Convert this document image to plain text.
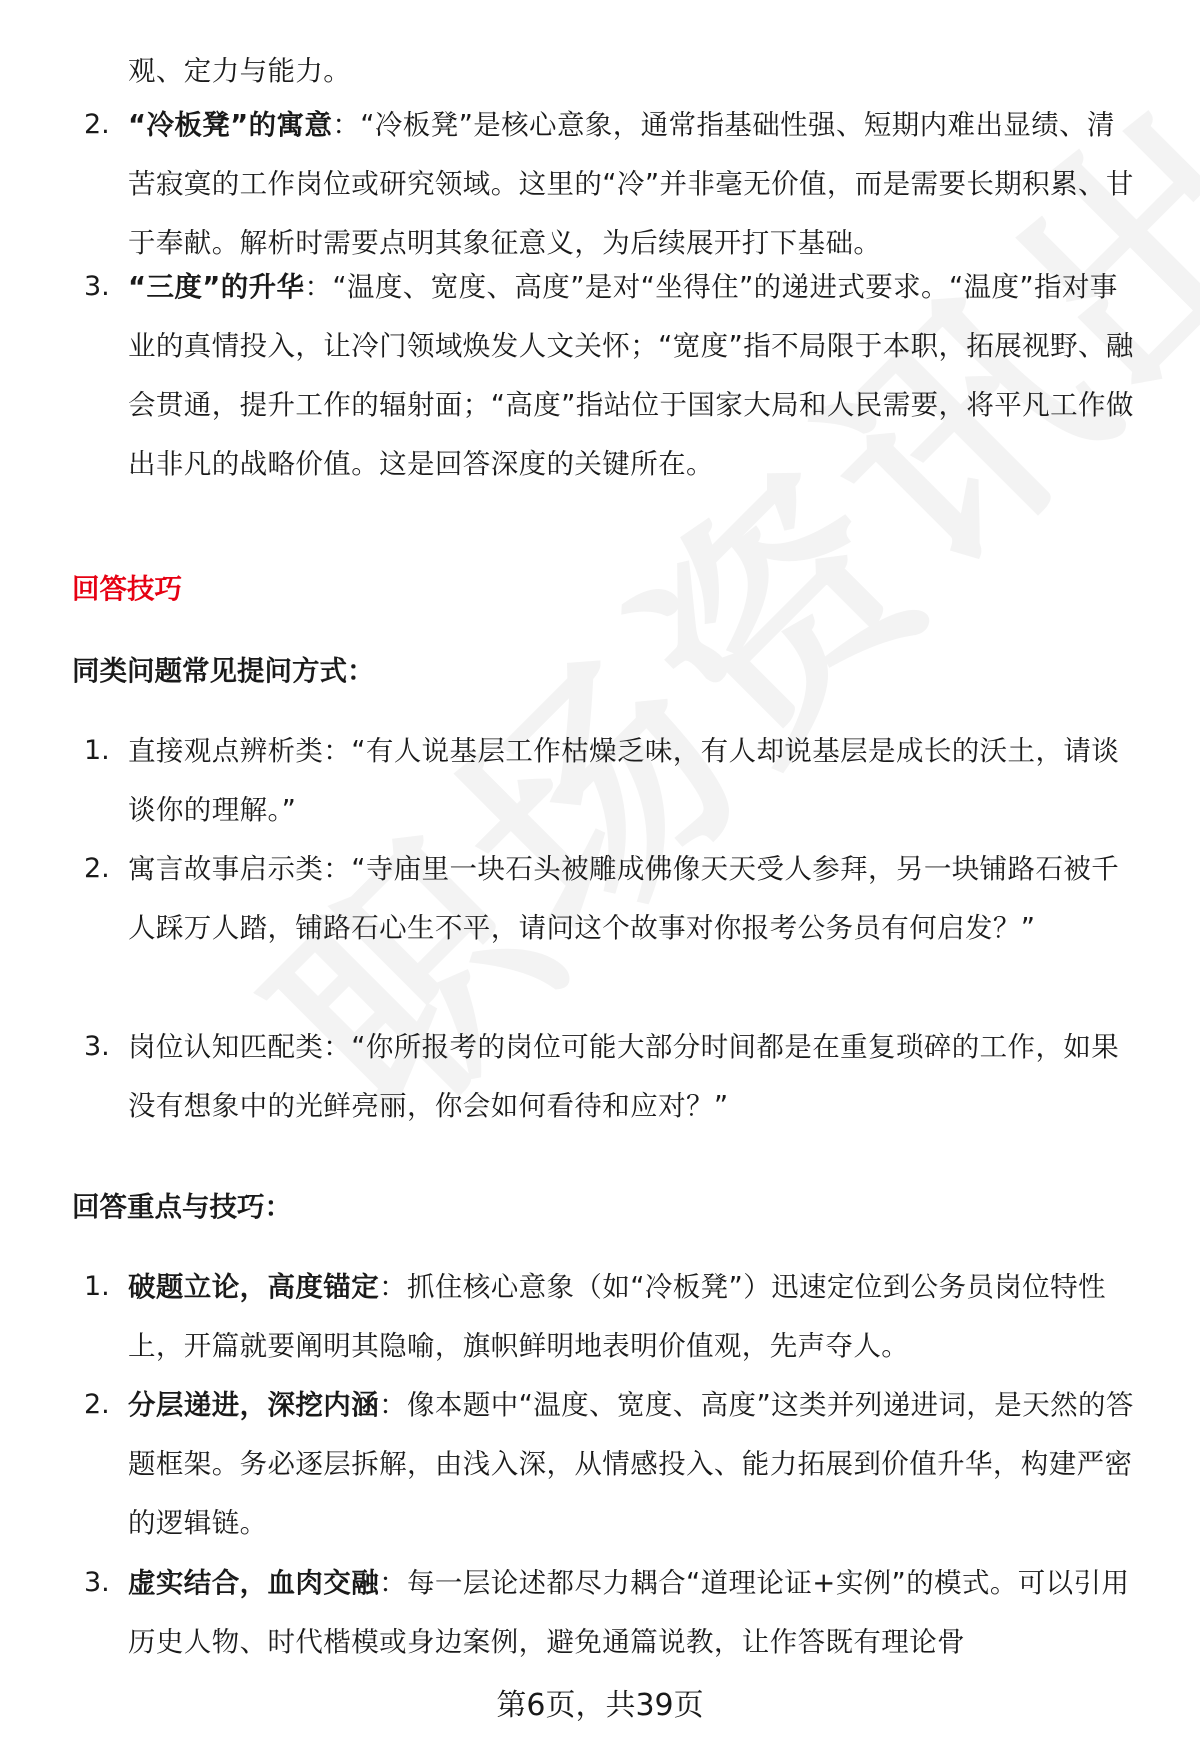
观、定力与能力。
2. “冷板凳”的寓意：“冷板凳”是核心意象，通常指基础性强、短期内难出显绩、清苦寂寞的工作岗位或研究领域。这里的“冷”并非毫无价值，而是需要长期积累、甘于奉献。解析时需要点明其象征意义，为后续展开打下基础。
3. “三度”的升华：“温度、宽度、高度”是对“坐得住”的递进式要求。“温度”指对事业的真情投入，让冷门领域焕发人文关怀；“宽度”指不局限于本职，拓展视野、融会贯通，提升工作的辐射面；“高度”指站位于国家大局和人民需要，将平凡工作做出非凡的战略价值。这是回答深度的关键所在。
回答技巧
同类问题常见提问方式：
1. 直接观点辨析类：“有人说基层工作枯燥乏味，有人却说基层是成长的沃土，请谈谈你的理解。”
2. 寓言故事启示类：“寺庙里一块石头被雕成佛像天天受人参拜，另一块铺路石被千人踩万人踏，铺路石心生不平，请问这个故事对你报考公务员有何启发？”
3. 岗位认知匹配类：“你所报考的岗位可能大部分时间都是在重复琐碎的工作，如果没有想象中的光鲜亮丽，你会如何看待和应对？”
回答重点与技巧：
1. 破题立论，高度锚定：抓住核心意象（如“冷板凳”）迅速定位到公务员岗位特性上，开篇就要阐明其隐喻，旗帜鲜明地表明价值观，先声夺人。
2. 分层递进，深挖内涵：像本题中“温度、宽度、高度”这类并列递进词，是天然的答题框架。务必逐层拆解，由浅入深，从情感投入、能力拓展到价值升华，构建严密的逻辑链。
3. 虚实结合，血肉交融：每一层论述都尽力耦合“道理论证+实例”的模式。可以引用历史人物、时代楷模或身边案例，避免通篇说教，让作答既有理论骨
第6页，共39页
